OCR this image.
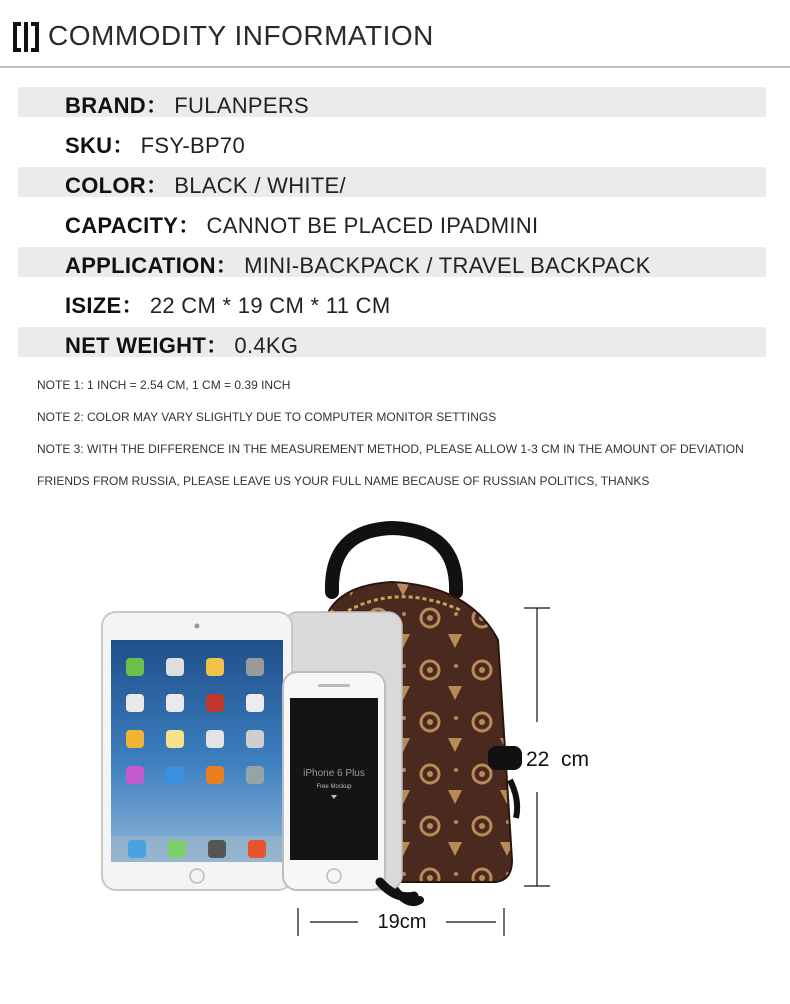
COMMODITY INFORMATION
BRAND： FULANPERS
SKU： FSY-BP70
COLOR： BLACK / WHITE/
CAPACITY： CANNOT BE PLACED IPADMINI
APPLICATION： MINI-BACKPACK / TRAVEL BACKPACK
ISIZE： 22 CM * 19 CM * 11 CM
NET WEIGHT： 0.4KG
NOTE 1: 1 INCH = 2.54 CM, 1 CM = 0.39 INCH
NOTE 2: COLOR MAY VARY SLIGHTLY DUE TO COMPUTER MONITOR SETTINGS
NOTE 3: WITH THE DIFFERENCE IN THE MEASUREMENT METHOD, PLEASE ALLOW 1-3 CM IN THE AMOUNT OF DEVIATION
FRIENDS FROM RUSSIA, PLEASE LEAVE US YOUR FULL NAME BECAUSE OF RUSSIAN POLITICS, THANKS
iPhone 6 Plus
Free Mockup
22  cm
19cm
